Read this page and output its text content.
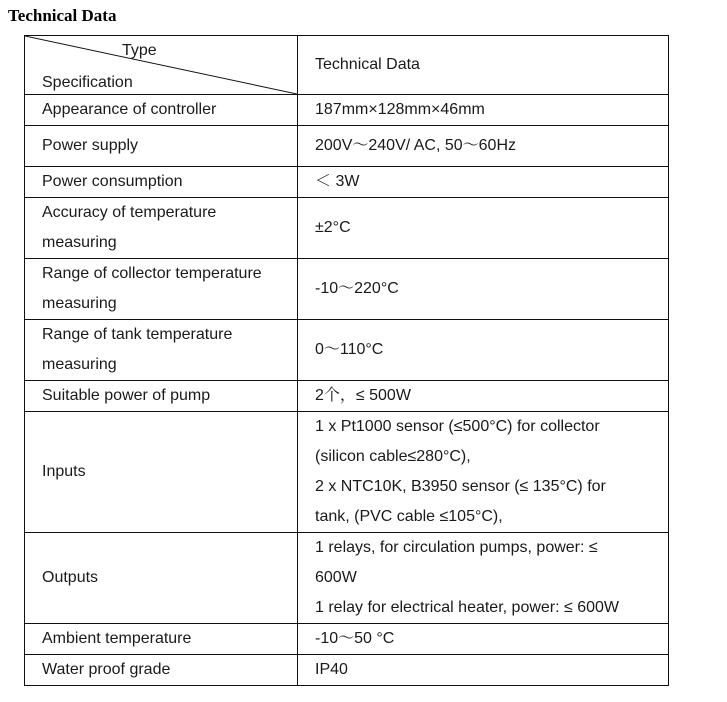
Technical Data
Type
Specification	Technical Data
Appearance of controller	187mm×128mm×46mm
Power supply	200V～240V/ AC, 50～60Hz
Power consumption	＜ 3W

Accuracy of temperature
measuring	±2°C

Range of collector temperature
measuring	-10～220°C

Range of tank temperature
measuring	0～110°C
Suitable power of pump	2个，≤ 500W
Inputs	1 x Pt1000 sensor (≤500°C) for collector
(silicon cable≤280°C),
2 x NTC10K, B3950 sensor (≤ 135°C) for
tank, (PVC cable ≤105°C),

Outputs	1 relays, for circulation pumps, power: ≤
600W
1 relay for electrical heater, power: ≤ 600W

Ambient temperature	-10～50 °C
Water proof grade	IP40
